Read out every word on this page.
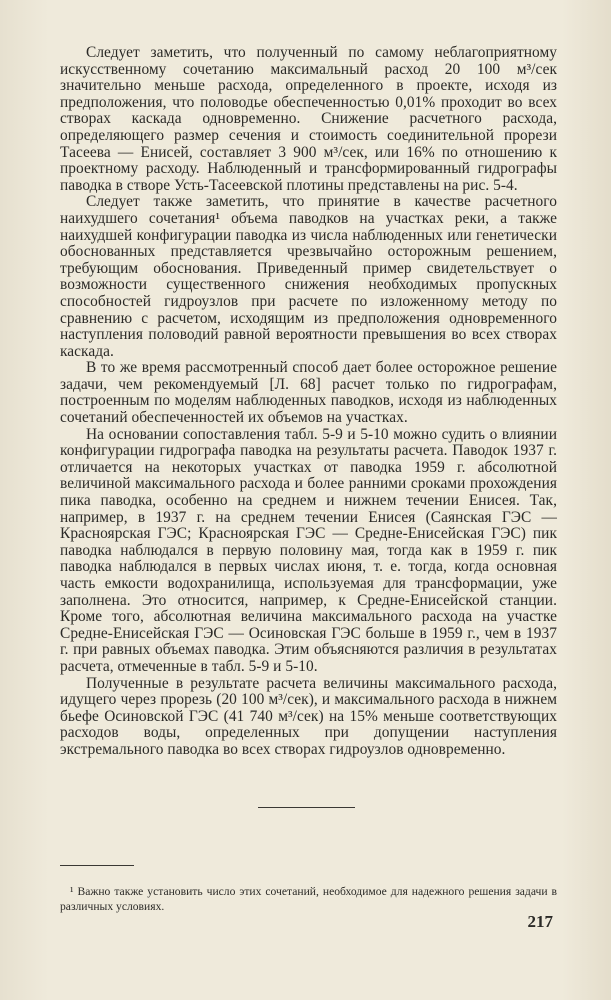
Следует заметить, что полученный по самому неблагоприятному искусственному сочетанию максимальный расход 20 100 м³/сек значительно меньше расхода, определенного в проекте, исходя из предположения, что половодье обеспеченностью 0,01% проходит во всех створах каскада одновременно. Снижение расчетного расхода, определяющего размер сечения и стоимость соединительной прорези Тасеева — Енисей, составляет 3 900 м³/сек, или 16% по отношению к проектному расходу. Наблюденный и трансформированный гидрографы паводка в створе Усть-Тасеевской плотины представлены на рис. 5-4.

Следует также заметить, что принятие в качестве расчетного наихудшего сочетания¹ объема паводков на участках реки, а также наихудшей конфигурации паводка из числа наблюденных или генетически обоснованных представляется чрезвычайно осторожным решением, требующим обоснования. Приведенный пример свидетельствует о возможности существенного снижения необходимых пропускных способностей гидроузлов при расчете по изложенному методу по сравнению с расчетом, исходящим из предположения одновременного наступления половодий равной вероятности превышения во всех створах каскада.

В то же время рассмотренный способ дает более осторожное решение задачи, чем рекомендуемый [Л. 68] расчет только по гидрографам, построенным по моделям наблюденных паводков, исходя из наблюденных сочетаний обеспеченностей их объемов на участках.

На основании сопоставления табл. 5-9 и 5-10 можно судить о влиянии конфигурации гидрографа паводка на результаты расчета. Паводок 1937 г. отличается на некоторых участках от паводка 1959 г. абсолютной величиной максимального расхода и более ранними сроками прохождения пика паводка, особенно на среднем и нижнем течении Енисея. Так, например, в 1937 г. на среднем течении Енисея (Саянская ГЭС — Красноярская ГЭС; Красноярская ГЭС — Средне-Енисейская ГЭС) пик паводка наблюдался в первую половину мая, тогда как в 1959 г. пик паводка наблюдался в первых числах июня, т. е. тогда, когда основная часть емкости водохранилища, используемая для трансформации, уже заполнена. Это относится, например, к Средне-Енисейской станции. Кроме того, абсолютная величина максимального расхода на участке Средне-Енисейская ГЭС — Осиновская ГЭС больше в 1959 г., чем в 1937 г. при равных объемах паводка. Этим объясняются различия в результатах расчета, отмеченные в табл. 5-9 и 5-10.

Полученные в результате расчета величины максимального расхода, идущего через прорезь (20 100 м³/сек), и максимального расхода в нижнем бьефе Осиновской ГЭС (41 740 м³/сек) на 15% меньше соответствующих расходов воды, определенных при допущении наступления экстремального паводка во всех створах гидроузлов одновременно.

¹ Важно также установить число этих сочетаний, необходимое для надежного решения задачи в различных условиях.

217
